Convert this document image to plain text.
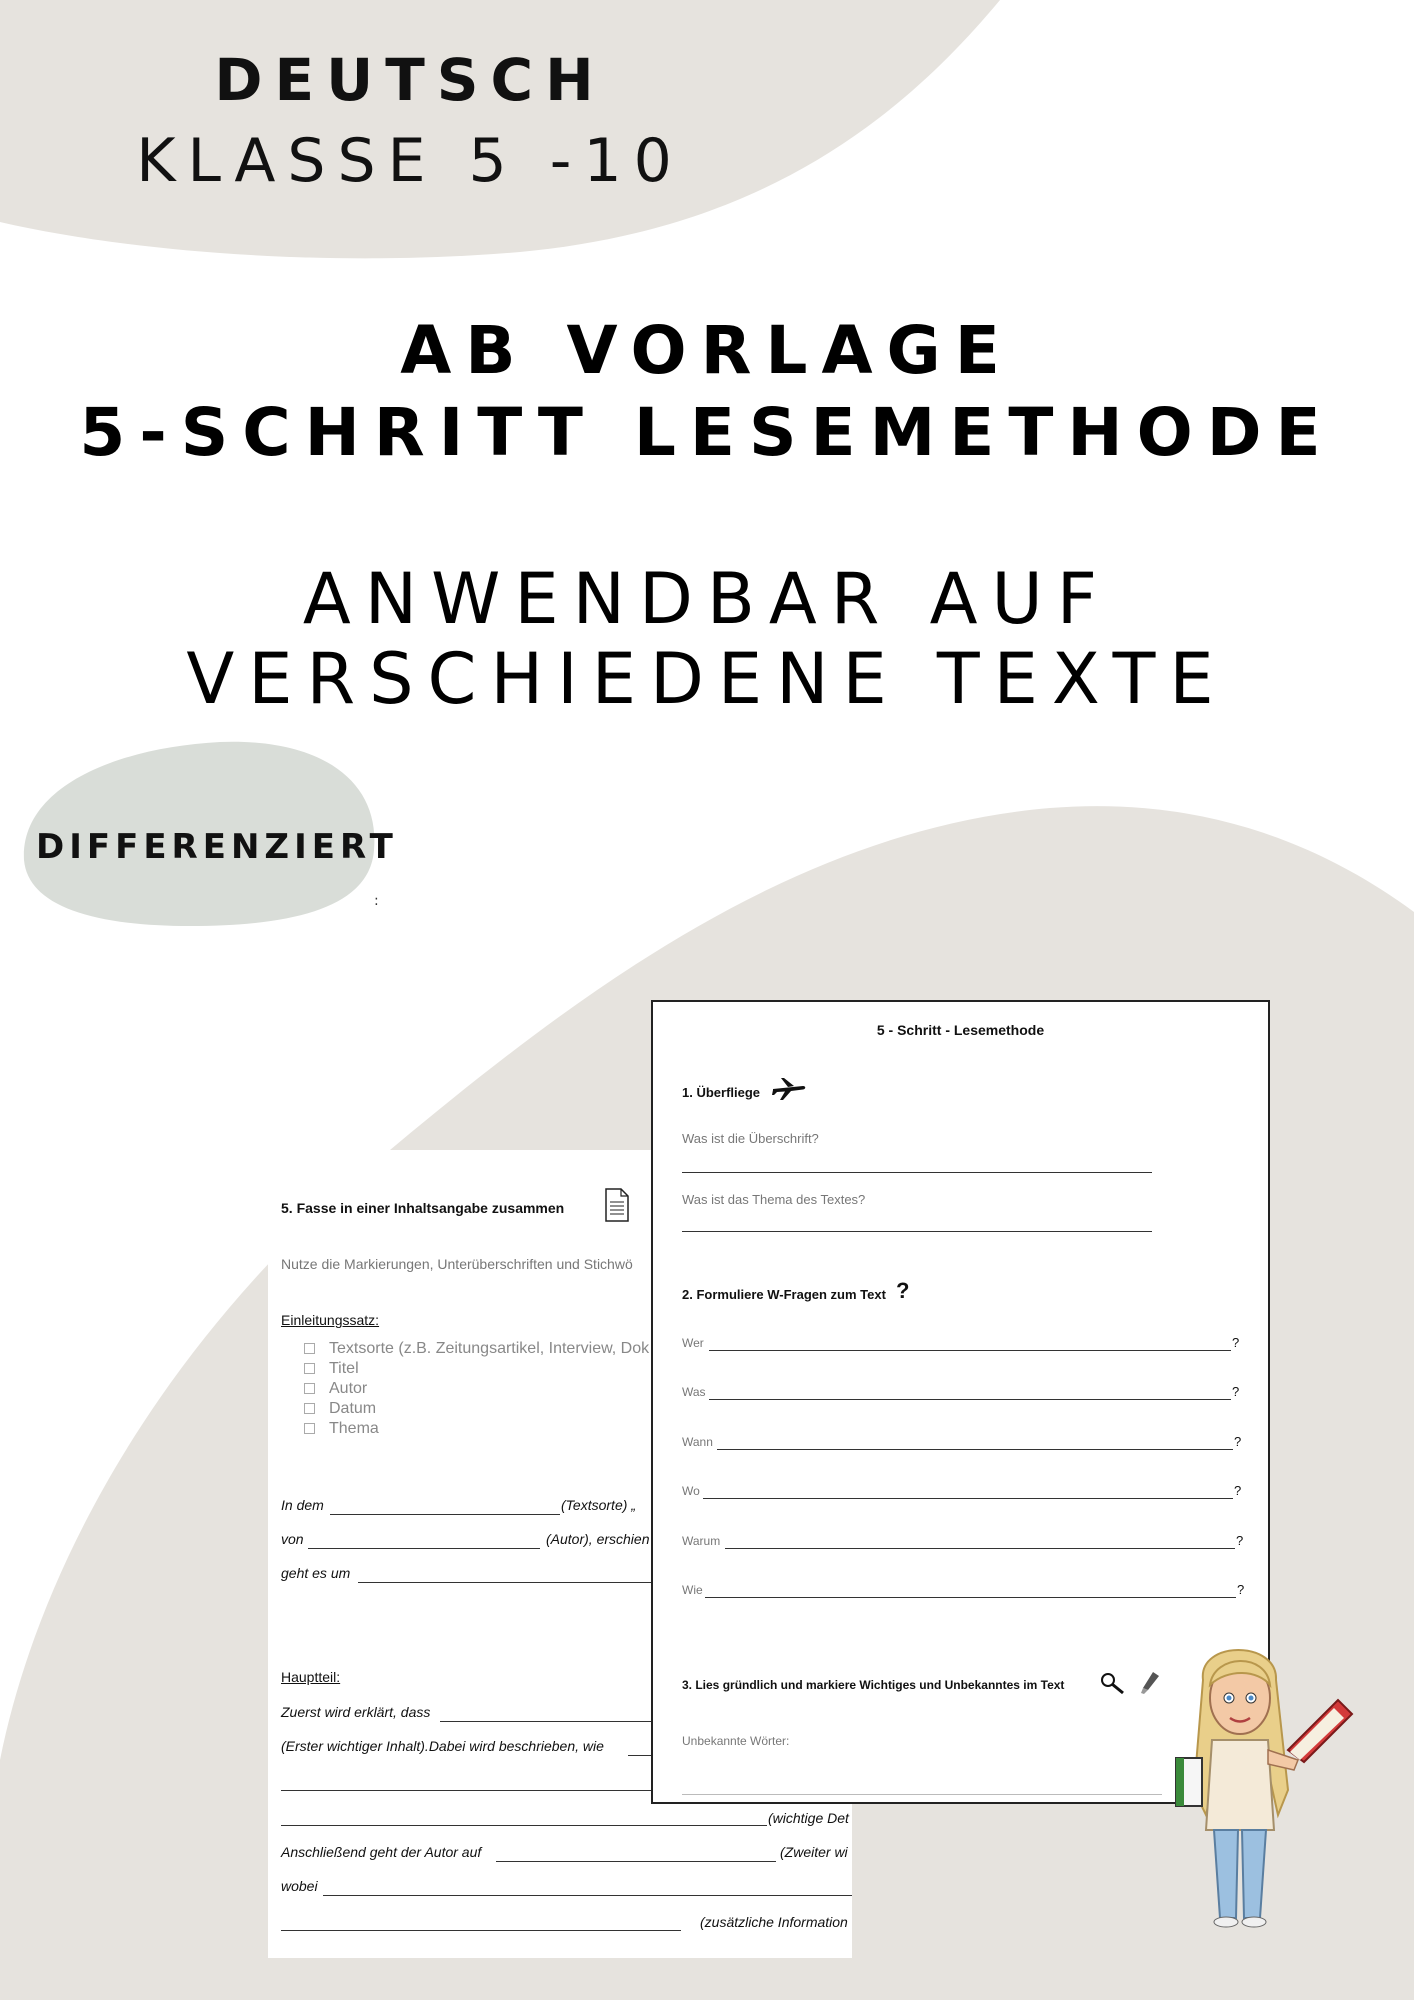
DEUTSCH
KLASSE 5 -10
AB VORLAGE
5-SCHRITT LESEMETHODE
ANWENDBAR AUF
VERSCHIEDENE TEXTE
DIFFERENZIERT
:
5. Fasse in einer Inhaltsangabe zusammen
Nutze die Markierungen, Unterüberschriften und Stichwö
Einleitungssatz:
Textsorte (z.B. Zeitungsartikel, Interview, Dok
Titel
Autor
Datum
Thema
In dem	(Textsorte) „
von	(Autor), erschien
geht es um
Hauptteil:
Zuerst wird erklärt, dass
(Erster wichtiger Inhalt).Dabei wird beschrieben, wie
(wichtige Det
Anschließend geht der Autor auf	(Zweiter wi
wobei
(zusätzliche Information
5 - Schritt - Lesemethode
1. Überfliege
Was ist die Überschrift?
Was ist das Thema des Textes?
2. Formuliere W-Fragen zum Text ?
Wer	?
Was	?
Wann	?
Wo	?
Warum	?
Wie	?
3. Lies gründlich und markiere Wichtiges und Unbekanntes im Text
Unbekannte Wörter:
